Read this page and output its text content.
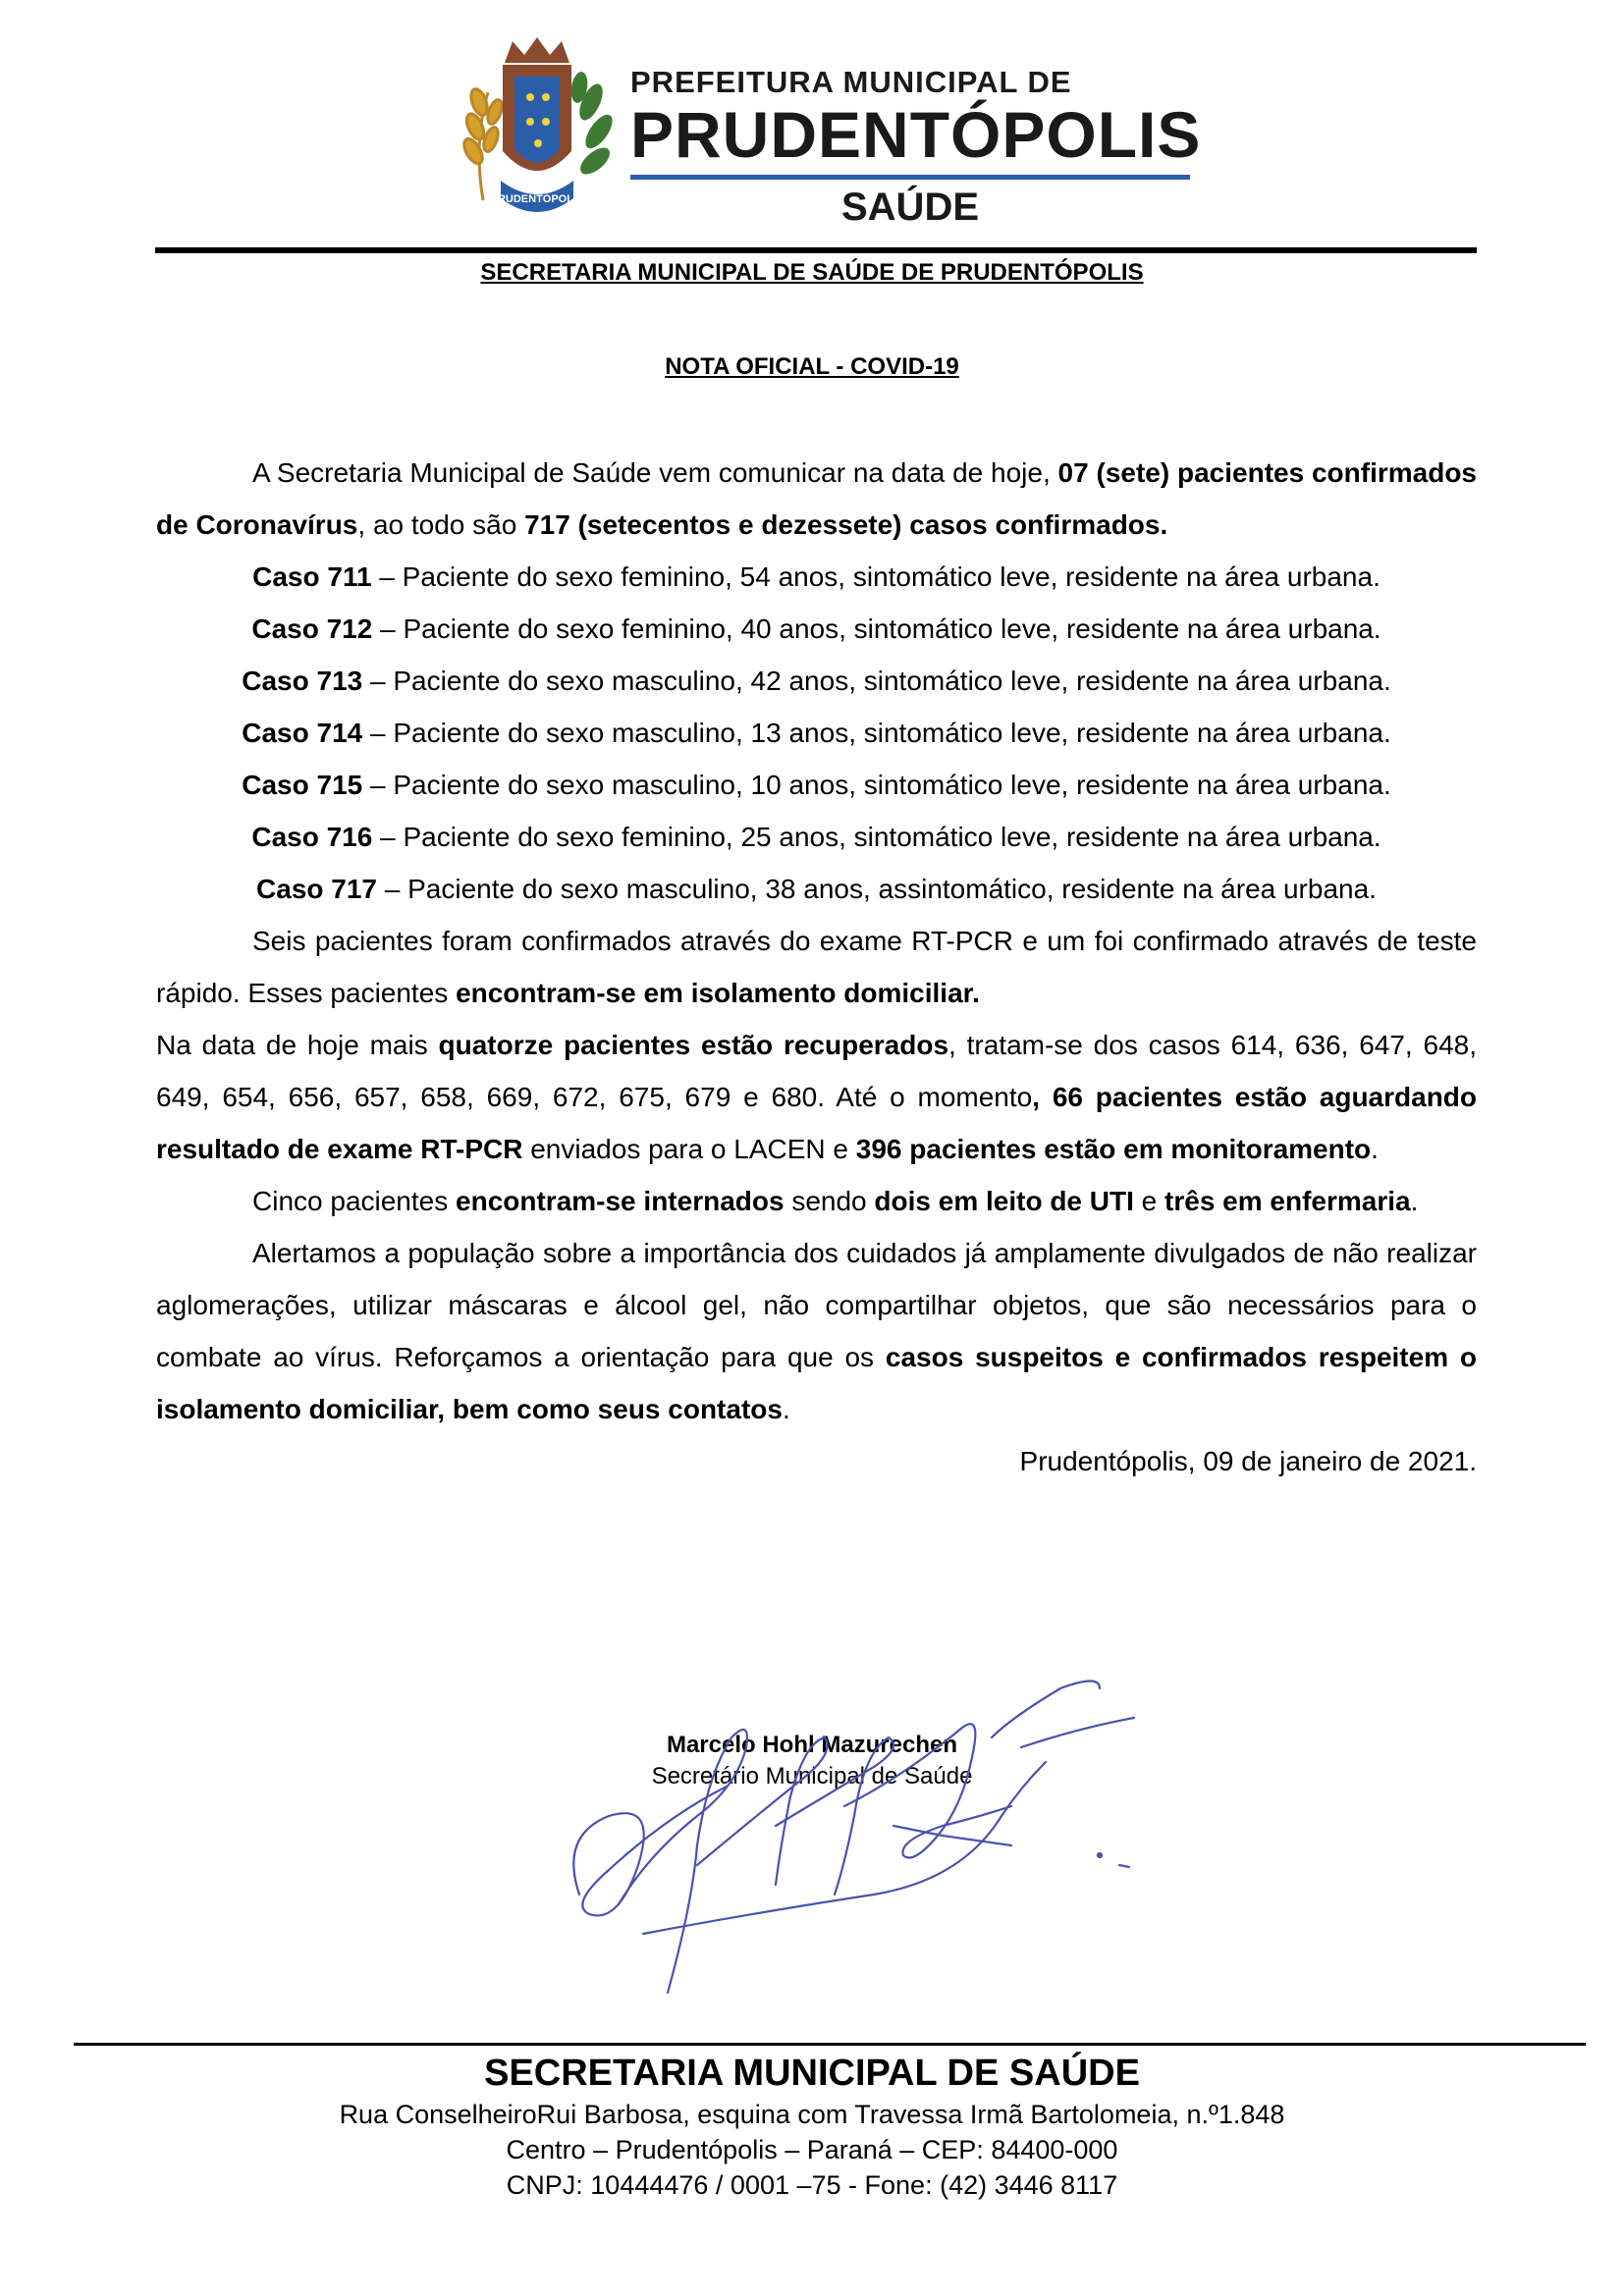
PRUDENTÓPOLIS
PREFEITURA MUNICIPAL DE
PRUDENTÓPOLIS
SAÚDE
SECRETARIA MUNICIPAL DE SAÚDE DE PRUDENTÓPOLIS
NOTA OFICIAL - COVID-19

A Secretaria Municipal de Saúde vem comunicar na data de hoje, 07 (sete) pacientes confirmados de Coronavírus, ao todo são 717 (setecentos e dezessete) casos confirmados.

Caso 711 – Paciente do sexo feminino, 54 anos, sintomático leve, residente na área urbana.
Caso 712 – Paciente do sexo feminino, 40 anos, sintomático leve, residente na área urbana.
Caso 713 – Paciente do sexo masculino, 42 anos, sintomático leve, residente na área urbana.
Caso 714 – Paciente do sexo masculino, 13 anos, sintomático leve, residente na área urbana.
Caso 715 – Paciente do sexo masculino, 10 anos, sintomático leve, residente na área urbana.
Caso 716 – Paciente do sexo feminino, 25 anos, sintomático leve, residente na área urbana.
Caso 717 – Paciente do sexo masculino, 38 anos, assintomático, residente na área urbana.

Seis pacientes foram confirmados através do exame RT-PCR e um foi confirmado através de teste rápido. Esses pacientes encontram-se em isolamento domiciliar.

Na data de hoje mais quatorze pacientes estão recuperados, tratam-se dos casos 614, 636, 647, 648, 649, 654, 656, 657, 658, 669, 672, 675, 679 e 680. Até o momento, 66 pacientes estão aguardando resultado de exame RT-PCR enviados para o LACEN e 396 pacientes estão em monitoramento.

Cinco pacientes encontram-se internados sendo dois em leito de UTI e três em enfermaria.

Alertamos a população sobre a importância dos cuidados já amplamente divulgados de não realizar aglomerações, utilizar máscaras e álcool gel, não compartilhar objetos, que são necessários para o combate ao vírus. Reforçamos a orientação para que os casos suspeitos e confirmados respeitem o isolamento domiciliar, bem como seus contatos.

Prudentópolis, 09 de janeiro de 2021.

Marcelo Hohl Mazurechen
Secretário Municipal de Saúde
SECRETARIA MUNICIPAL DE SAÚDE
Rua ConselheiroRui Barbosa, esquina com Travessa Irmã Bartolomeia, n.º1.848
Centro – Prudentópolis – Paraná – CEP: 84400-000
CNPJ: 10444476 / 0001 –75 - Fone: (42) 3446 8117
